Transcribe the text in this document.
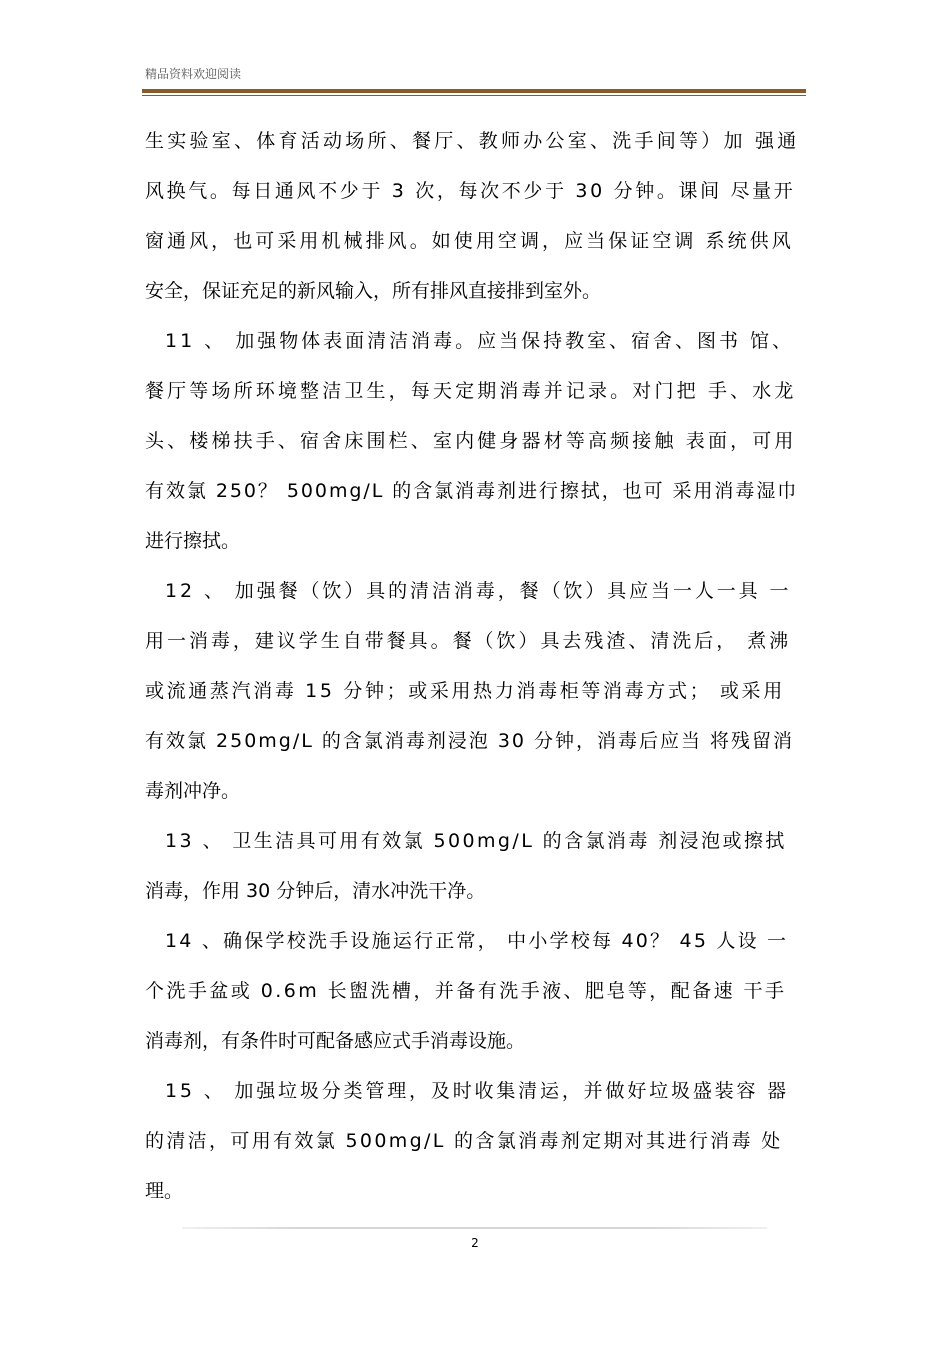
精品资料欢迎阅读
生实验室、体育活动场所、餐厅、教师办公室、洗手间等）加 强通
风换气。每日通风不少于 3 次，每次不少于 30 分钟。课间 尽量开
窗通风，也可采用机械排风。如使用空调，应当保证空调 系统供风
安全，保证充足的新风输入，所有排风直接排到室外。
11 、 加强物体表面清洁消毒。应当保持教室、宿舍、图书 馆、
餐厅等场所环境整洁卫生，每天定期消毒并记录。对门把 手、水龙
头、楼梯扶手、宿舍床围栏、室内健身器材等高频接触 表面，可用
有效氯 250？ 500mg/L 的含氯消毒剂进行擦拭，也可 采用消毒湿巾
进行擦拭。
12 、 加强餐（饮）具的清洁消毒，餐（饮）具应当一人一具 一
用一消毒，建议学生自带餐具。餐（饮）具去残渣、清洗后， 煮沸
或流通蒸汽消毒 15 分钟；或采用热力消毒柜等消毒方式； 或采用
有效氯 250mg/L 的含氯消毒剂浸泡 30 分钟，消毒后应当 将残留消
毒剂冲净。
13 、 卫生洁具可用有效氯 500mg/L 的含氯消毒 剂浸泡或擦拭
消毒，作用 30 分钟后，清水冲洗干净。
14 、确保学校洗手设施运行正常， 中小学校每 40？ 45 人设 一
个洗手盆或 0.6m 长盥洗槽，并备有洗手液、肥皂等，配备速 干手
消毒剂，有条件时可配备感应式手消毒设施。
15 、 加强垃圾分类管理，及时收集清运，并做好垃圾盛装容 器
的清洁，可用有效氯 500mg/L 的含氯消毒剂定期对其进行消毒 处
理。
2
